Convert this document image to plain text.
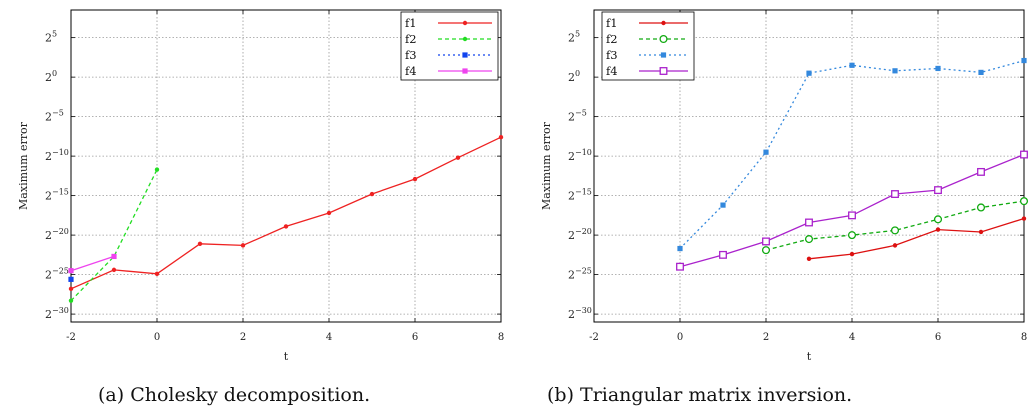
-2	0	2	4	6	8
2 −30
2 −25
2 −20
2 −15
2 −10
2 −5
2 0
2 5
t
Maximum error
f1
f2
f3
f4
(a) Cholesky decomposition.
-2	0	2	4	6	8
2 −30
2 −25
2 −20
2 −15
2 −10
2 −5
2 0
2 5
t
Maximum error
f1
f2
f3
f4
(b) Triangular matrix inversion.
